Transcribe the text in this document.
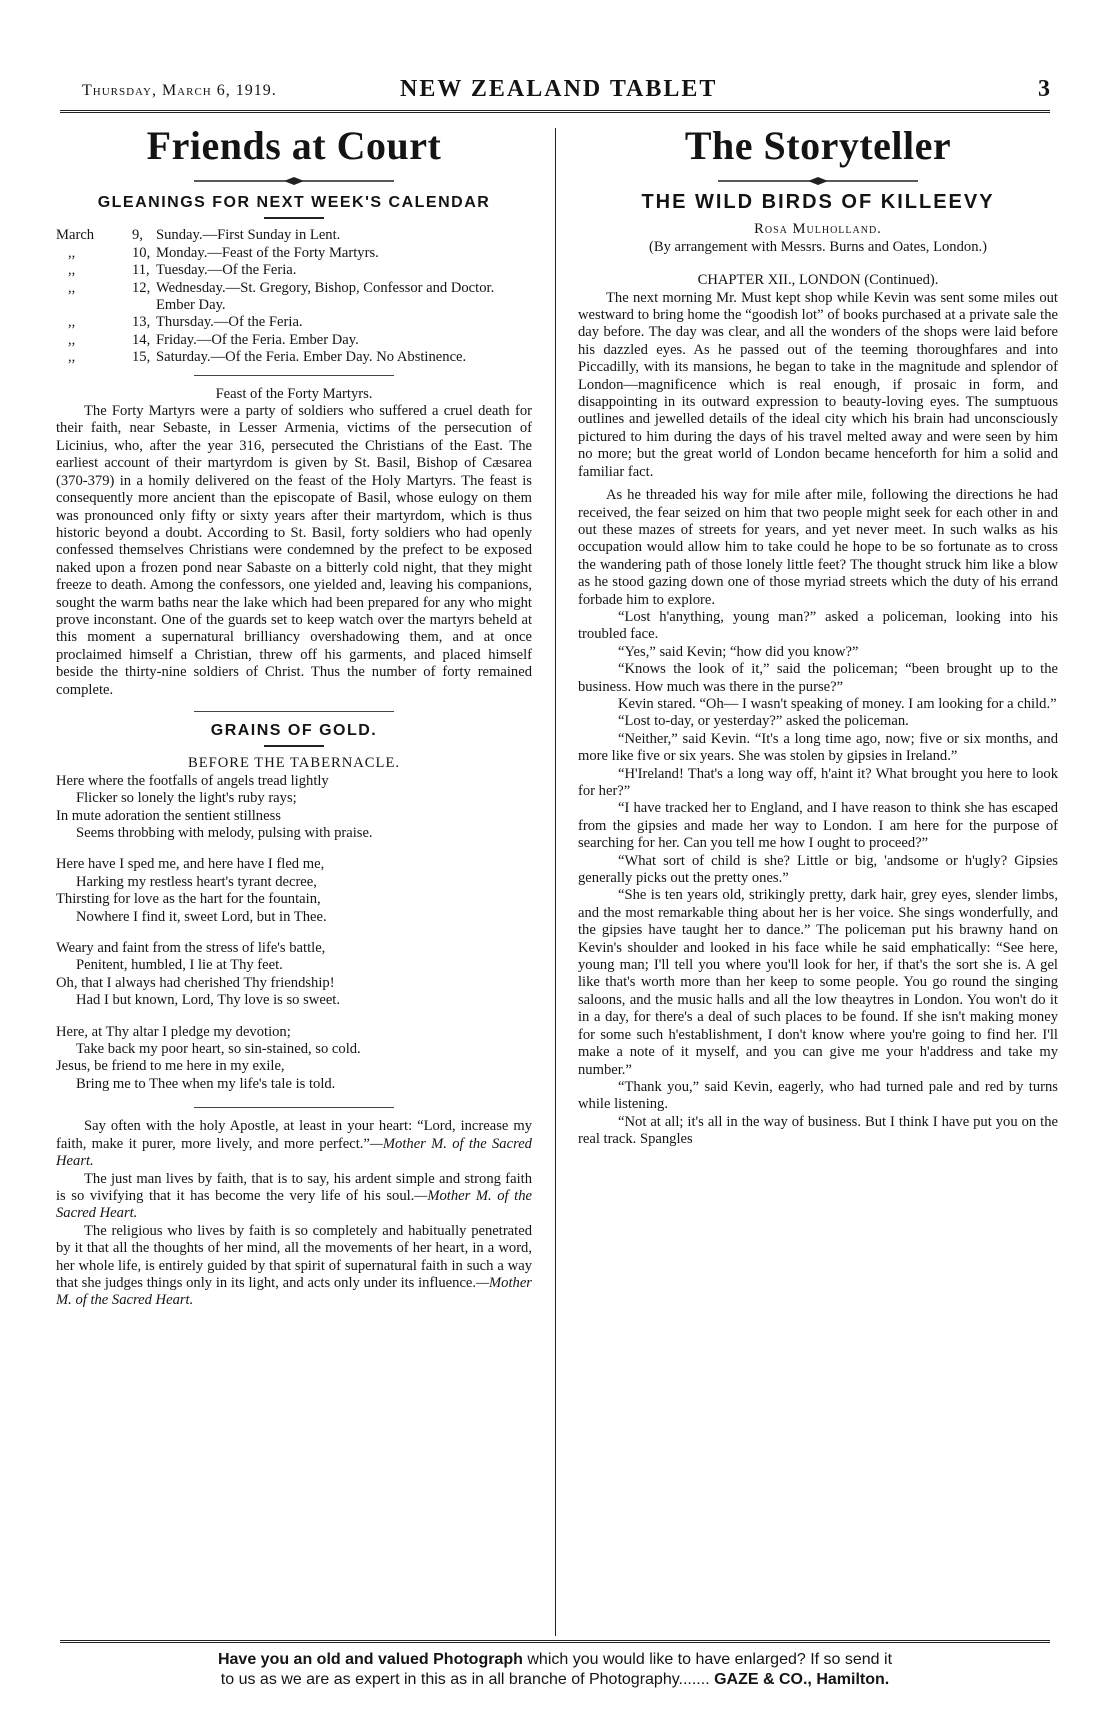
Thursday, March 6, 1919.	NEW ZEALAND TABLET	3
Friends at Court
GLEANINGS FOR NEXT WEEK'S CALENDAR
March	9, Sunday.—First Sunday in Lent.
,,	10, Monday.—Feast of the Forty Martyrs.
,,	11, Tuesday.—Of the Feria.
,,	12, Wednesday.—St. Gregory, Bishop, Confessor and Doctor. Ember Day.
,,	13, Thursday.—Of the Feria.
,,	14, Friday.—Of the Feria. Ember Day.
,,	15, Saturday.—Of the Feria. Ember Day. No Abstinence.
Feast of the Forty Martyrs.

The Forty Martyrs were a party of soldiers who suffered a cruel death for their faith, near Sebaste, in Lesser Armenia, victims of the persecution of Licinius, who, after the year 316, persecuted the Christians of the East. The earliest account of their martyrdom is given by St. Basil, Bishop of Cæsarea (370-379) in a homily delivered on the feast of the Holy Martyrs. The feast is consequently more ancient than the episcopate of Basil, whose eulogy on them was pronounced only fifty or sixty years after their martyrdom, which is thus historic beyond a doubt. According to St. Basil, forty soldiers who had openly confessed themselves Christians were condemned by the prefect to be exposed naked upon a frozen pond near Sabaste on a bitterly cold night, that they might freeze to death. Among the confessors, one yielded and, leaving his companions, sought the warm baths near the lake which had been prepared for any who might prove inconstant. One of the guards set to keep watch over the martyrs beheld at this moment a supernatural brilliancy overshadowing them, and at once proclaimed himself a Christian, threw off his garments, and placed himself beside the thirty-nine soldiers of Christ. Thus the number of forty remained complete.

GRAINS OF GOLD.
BEFORE THE TABERNACLE.
Here where the footfalls of angels tread lightly
Flicker so lonely the light's ruby rays;
In mute adoration the sentient stillness
Seems throbbing with melody, pulsing with praise.
Here have I sped me, and here have I fled me,
Harking my restless heart's tyrant decree,
Thirsting for love as the hart for the fountain,
Nowhere I find it, sweet Lord, but in Thee.
Weary and faint from the stress of life's battle,
Penitent, humbled, I lie at Thy feet.
Oh, that I always had cherished Thy friendship!
Had I but known, Lord, Thy love is so sweet.
Here, at Thy altar I pledge my devotion;
Take back my poor heart, so sin-stained, so cold.
Jesus, be friend to me here in my exile,
Bring me to Thee when my life's tale is told.

Say often with the holy Apostle, at least in your heart: “Lord, increase my faith, make it purer, more lively, and more perfect.”—Mother M. of the Sacred Heart.

The just man lives by faith, that is to say, his ardent simple and strong faith is so vivifying that it has become the very life of his soul.—Mother M. of the Sacred Heart.

The religious who lives by faith is so completely and habitually penetrated by it that all the thoughts of her mind, all the movements of her heart, in a word, her whole life, is entirely guided by that spirit of supernatural faith in such a way that she judges things only in its light, and acts only under its influence.—Mother M. of the Sacred Heart.

The Storyteller
THE WILD BIRDS OF KILLEEVY
Rosa Mulholland.
(By arrangement with Messrs. Burns and Oates, London.)
CHAPTER XII., LONDON (Continued).

The next morning Mr. Must kept shop while Kevin was sent some miles out westward to bring home the “goodish lot” of books purchased at a private sale the day before. The day was clear, and all the wonders of the shops were laid before his dazzled eyes. As he passed out of the teeming thoroughfares and into Piccadilly, with its mansions, he began to take in the magnitude and splendor of London—magnificence which is real enough, if prosaic in form, and disappointing in its outward expression to beauty-loving eyes. The sumptuous outlines and jewelled details of the ideal city which his brain had unconsciously pictured to him during the days of his travel melted away and were seen by him no more; but the great world of London became henceforth for him a solid and familiar fact.

As he threaded his way for mile after mile, following the directions he had received, the fear seized on him that two people might seek for each other in and out these mazes of streets for years, and yet never meet. In such walks as his occupation would allow him to take could he hope to be so fortunate as to cross the wandering path of those lonely little feet? The thought struck him like a blow as he stood gazing down one of those myriad streets which the duty of his errand forbade him to explore.

“Lost h'anything, young man?” asked a policeman, looking into his troubled face.

“Yes,” said Kevin; “how did you know?”

“Knows the look of it,” said the policeman; “been brought up to the business. How much was there in the purse?”

Kevin stared. “Oh— I wasn't speaking of money. I am looking for a child.”

“Lost to-day, or yesterday?” asked the policeman.

“Neither,” said Kevin. “It's a long time ago, now; five or six months, and more like five or six years. She was stolen by gipsies in Ireland.”

“H'Ireland! That's a long way off, h'aint it? What brought you here to look for her?”

“I have tracked her to England, and I have reason to think she has escaped from the gipsies and made her way to London. I am here for the purpose of searching for her. Can you tell me how I ought to proceed?”

“What sort of child is she? Little or big, 'andsome or h'ugly? Gipsies generally picks out the pretty ones.”

“She is ten years old, strikingly pretty, dark hair, grey eyes, slender limbs, and the most remarkable thing about her is her voice. She sings wonderfully, and the gipsies have taught her to dance.” The policeman put his brawny hand on Kevin's shoulder and looked in his face while he said emphatically: “See here, young man; I'll tell you where you'll look for her, if that's the sort she is. A gel like that's worth more than her keep to some people. You go round the singing saloons, and the music halls and all the low theaytres in London. You won't do it in a day, for there's a deal of such places to be found. If she isn't making money for some such h'establishment, I don't know where you're going to find her. I'll make a note of it myself, and you can give me your h'address and take my number.”

“Thank you,” said Kevin, eagerly, who had turned pale and red by turns while listening.

“Not at all; it's all in the way of business. But I think I have put you on the real track. Spangles

Have you an old and valued Photograph which you would like to have enlarged? If so send it
to us as we are as expert in this as in all branche of Photography....... GAZE & CO., Hamilton.
